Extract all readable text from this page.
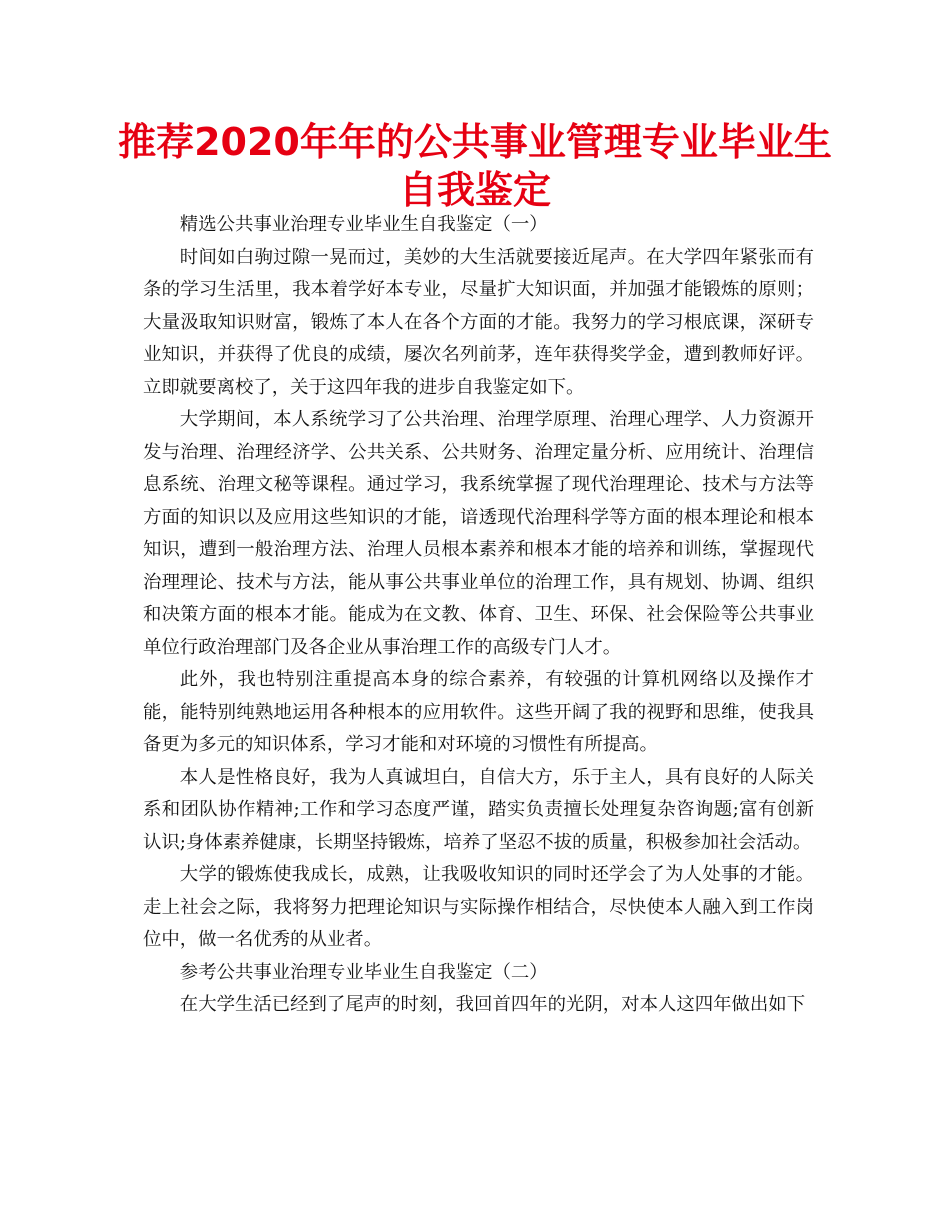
推荐2020年年的公共事业管理专业毕业生自我鉴定

精选公共事业治理专业毕业生自我鉴定（一）

时间如白驹过隙一晃而过，美妙的大生活就要接近尾声。在大学四年紧张而有条的学习生活里，我本着学好本专业，尽量扩大知识面，并加强才能锻炼的原则；大量汲取知识财富，锻炼了本人在各个方面的才能。我努力的学习根底课，深研专业知识，并获得了优良的成绩，屡次名列前茅，连年获得奖学金，遭到教师好评。立即就要离校了，关于这四年我的进步自我鉴定如下。

大学期间，本人系统学习了公共治理、治理学原理、治理心理学、人力资源开发与治理、治理经济学、公共关系、公共财务、治理定量分析、应用统计、治理信息系统、治理文秘等课程。通过学习，我系统掌握了现代治理理论、技术与方法等方面的知识以及应用这些知识的才能，谙透现代治理科学等方面的根本理论和根本知识，遭到一般治理方法、治理人员根本素养和根本才能的培养和训练，掌握现代治理理论、技术与方法，能从事公共事业单位的治理工作，具有规划、协调、组织和决策方面的根本才能。能成为在文教、体育、卫生、环保、社会保险等公共事业单位行政治理部门及各企业从事治理工作的高级专门人才。

此外，我也特别注重提高本身的综合素养，有较强的计算机网络以及操作才能，能特别纯熟地运用各种根本的应用软件。这些开阔了我的视野和思维，使我具备更为多元的知识体系，学习才能和对环境的习惯性有所提高。

本人是性格良好，我为人真诚坦白，自信大方，乐于主人，具有良好的人际关系和团队协作精神;工作和学习态度严谨，踏实负责擅长处理复杂咨询题;富有创新认识;身体素养健康，长期坚持锻炼，培养了坚忍不拔的质量，积极参加社会活动。

大学的锻炼使我成长，成熟，让我吸收知识的同时还学会了为人处事的才能。走上社会之际，我将努力把理论知识与实际操作相结合，尽快使本人融入到工作岗位中，做一名优秀的从业者。

参考公共事业治理专业毕业生自我鉴定（二）

在大学生活已经到了尾声的时刻，我回首四年的光阴，对本人这四年做出如下
